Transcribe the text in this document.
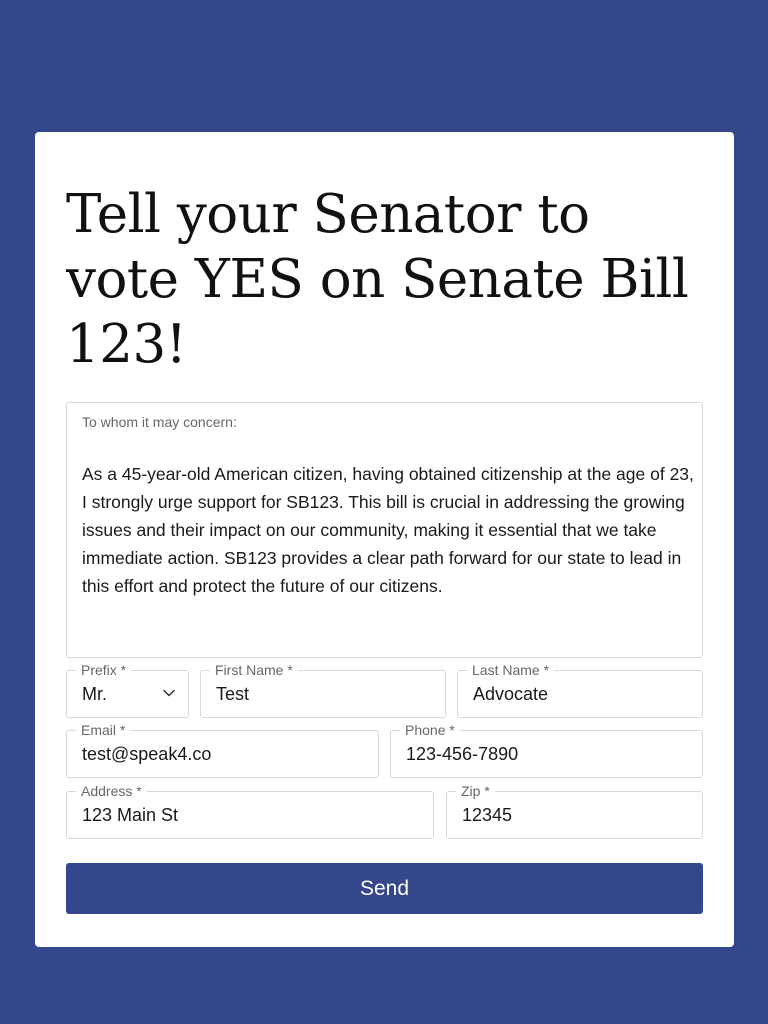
Tell your Senator to vote YES on Senate Bill 123!
To whom it may concern:
As a 45-year-old American citizen, having obtained citizenship at the age of 23, I strongly urge support for SB123. This bill is crucial in addressing the growing issues and their impact on our community, making it essential that we take immediate action. SB123 provides a clear path forward for our state to lead in this effort and protect the future of our citizens.
Prefix *
Mr.
First Name *
Test
Last Name *
Advocate
Email *
test@speak4.co
Phone *
123-456-7890
Address *
123 Main St
Zip *
12345
Send
